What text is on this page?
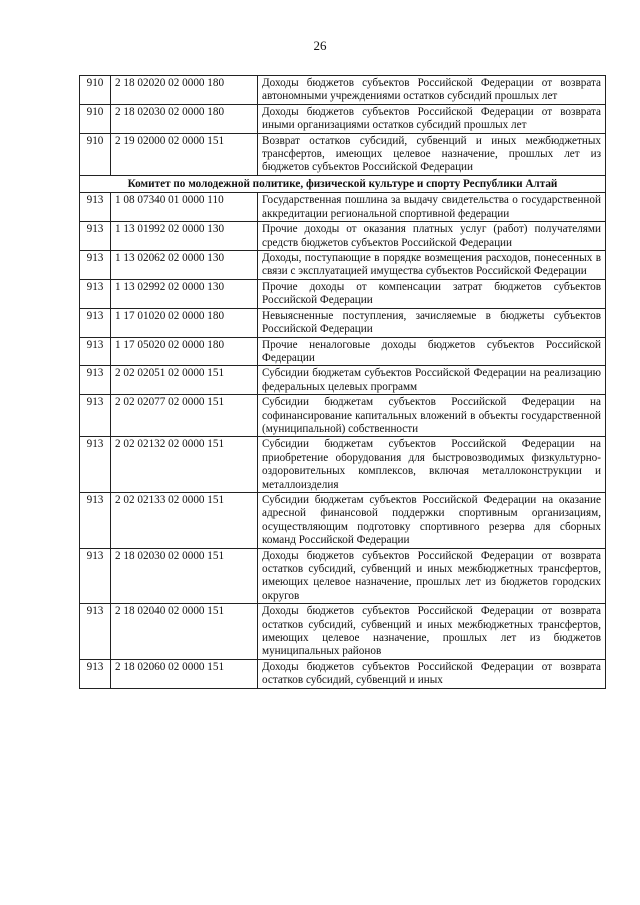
26
910	2 18 02020 02 0000 180	Доходы бюджетов субъектов Российской Федерации от возврата автономными учреждениями остатков субсидий прошлых лет
910	2 18 02030 02 0000 180	Доходы бюджетов субъектов Российской Федерации от возврата иными организациями остатков субсидий прошлых лет
910	2 19 02000 02 0000 151	Возврат остатков субсидий, субвенций и иных межбюджетных трансфертов, имеющих целевое назначение, прошлых лет из бюджетов субъектов Российской Федерации
Комитет по молодежной политике, физической культуре и спорту Республики Алтай		
913	1 08 07340 01 0000 110	Государственная пошлина за выдачу свидетельства о государственной аккредитации региональной спортивной федерации
913	1 13 01992 02 0000 130	Прочие доходы от оказания платных услуг (работ) получателями средств бюджетов субъектов Российской Федерации
913	1 13 02062 02 0000 130	Доходы, поступающие в порядке возмещения расходов, понесенных в связи с эксплуатацией имущества субъектов Российской Федерации
913	1 13 02992 02 0000 130	Прочие доходы от компенсации затрат бюджетов субъектов Российской Федерации
913	1 17 01020 02 0000 180	Невыясненные поступления, зачисляемые в бюджеты субъектов Российской Федерации
913	1 17 05020 02 0000 180	Прочие неналоговые доходы бюджетов субъектов Российской Федерации
913	2 02 02051 02 0000 151	Субсидии бюджетам субъектов Российской Федерации на реализацию федеральных целевых программ
913	2 02 02077 02 0000 151	Субсидии бюджетам субъектов Российской Федерации на софинансирование капитальных вложений в объекты государственной (муниципальной) собственности
913	2 02 02132 02 0000 151	Субсидии бюджетам субъектов Российской Федерации на приобретение оборудования для быстровозводимых физкультурно-оздоровительных комплексов, включая металлоконструкции и металлоизделия
913	2 02 02133 02 0000 151	Субсидии бюджетам субъектов Российской Федерации на оказание адресной финансовой поддержки спортивным организациям, осуществляющим подготовку спортивного резерва для сборных команд Российской Федерации
913	2 18 02030 02 0000 151	Доходы бюджетов субъектов Российской Федерации от возврата остатков субсидий, субвенций и иных межбюджетных трансфертов, имеющих целевое назначение, прошлых лет из бюджетов городских округов
913	2 18 02040 02 0000 151	Доходы бюджетов субъектов Российской Федерации от возврата остатков субсидий, субвенций и иных межбюджетных трансфертов, имеющих целевое назначение, прошлых лет из бюджетов муниципальных районов
913	2 18 02060 02 0000 151	Доходы бюджетов субъектов Российской Федерации от возврата остатков субсидий, субвенций и иных
